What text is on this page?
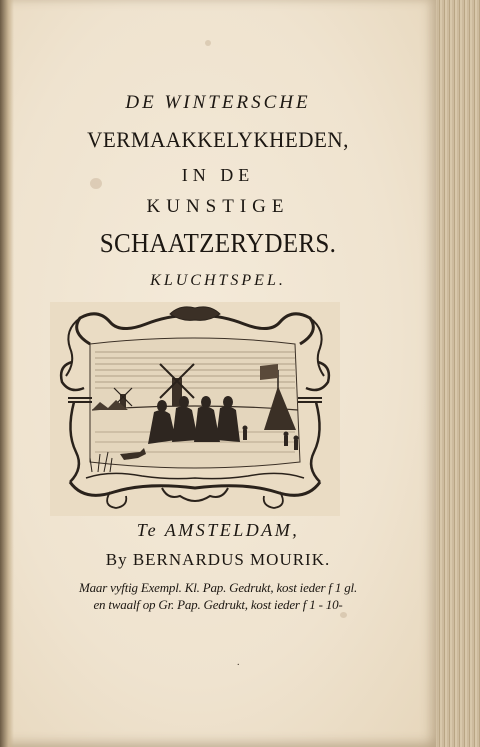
DE WINTERSCHE
VERMAAKKELYKHEDEN,
IN DE
KUNSTIGE
SCHAATZERYDERS.
KLUCHTSPEL.
Te AMSTELDAM,
By BERNARDUS MOURIK.
Maar vyftig Exempl. Kl. Pap. Gedrukt, kost ieder f 1 gl.
en twaalf op Gr. Pap. Gedrukt, kost ieder f 1 - 10-
.
